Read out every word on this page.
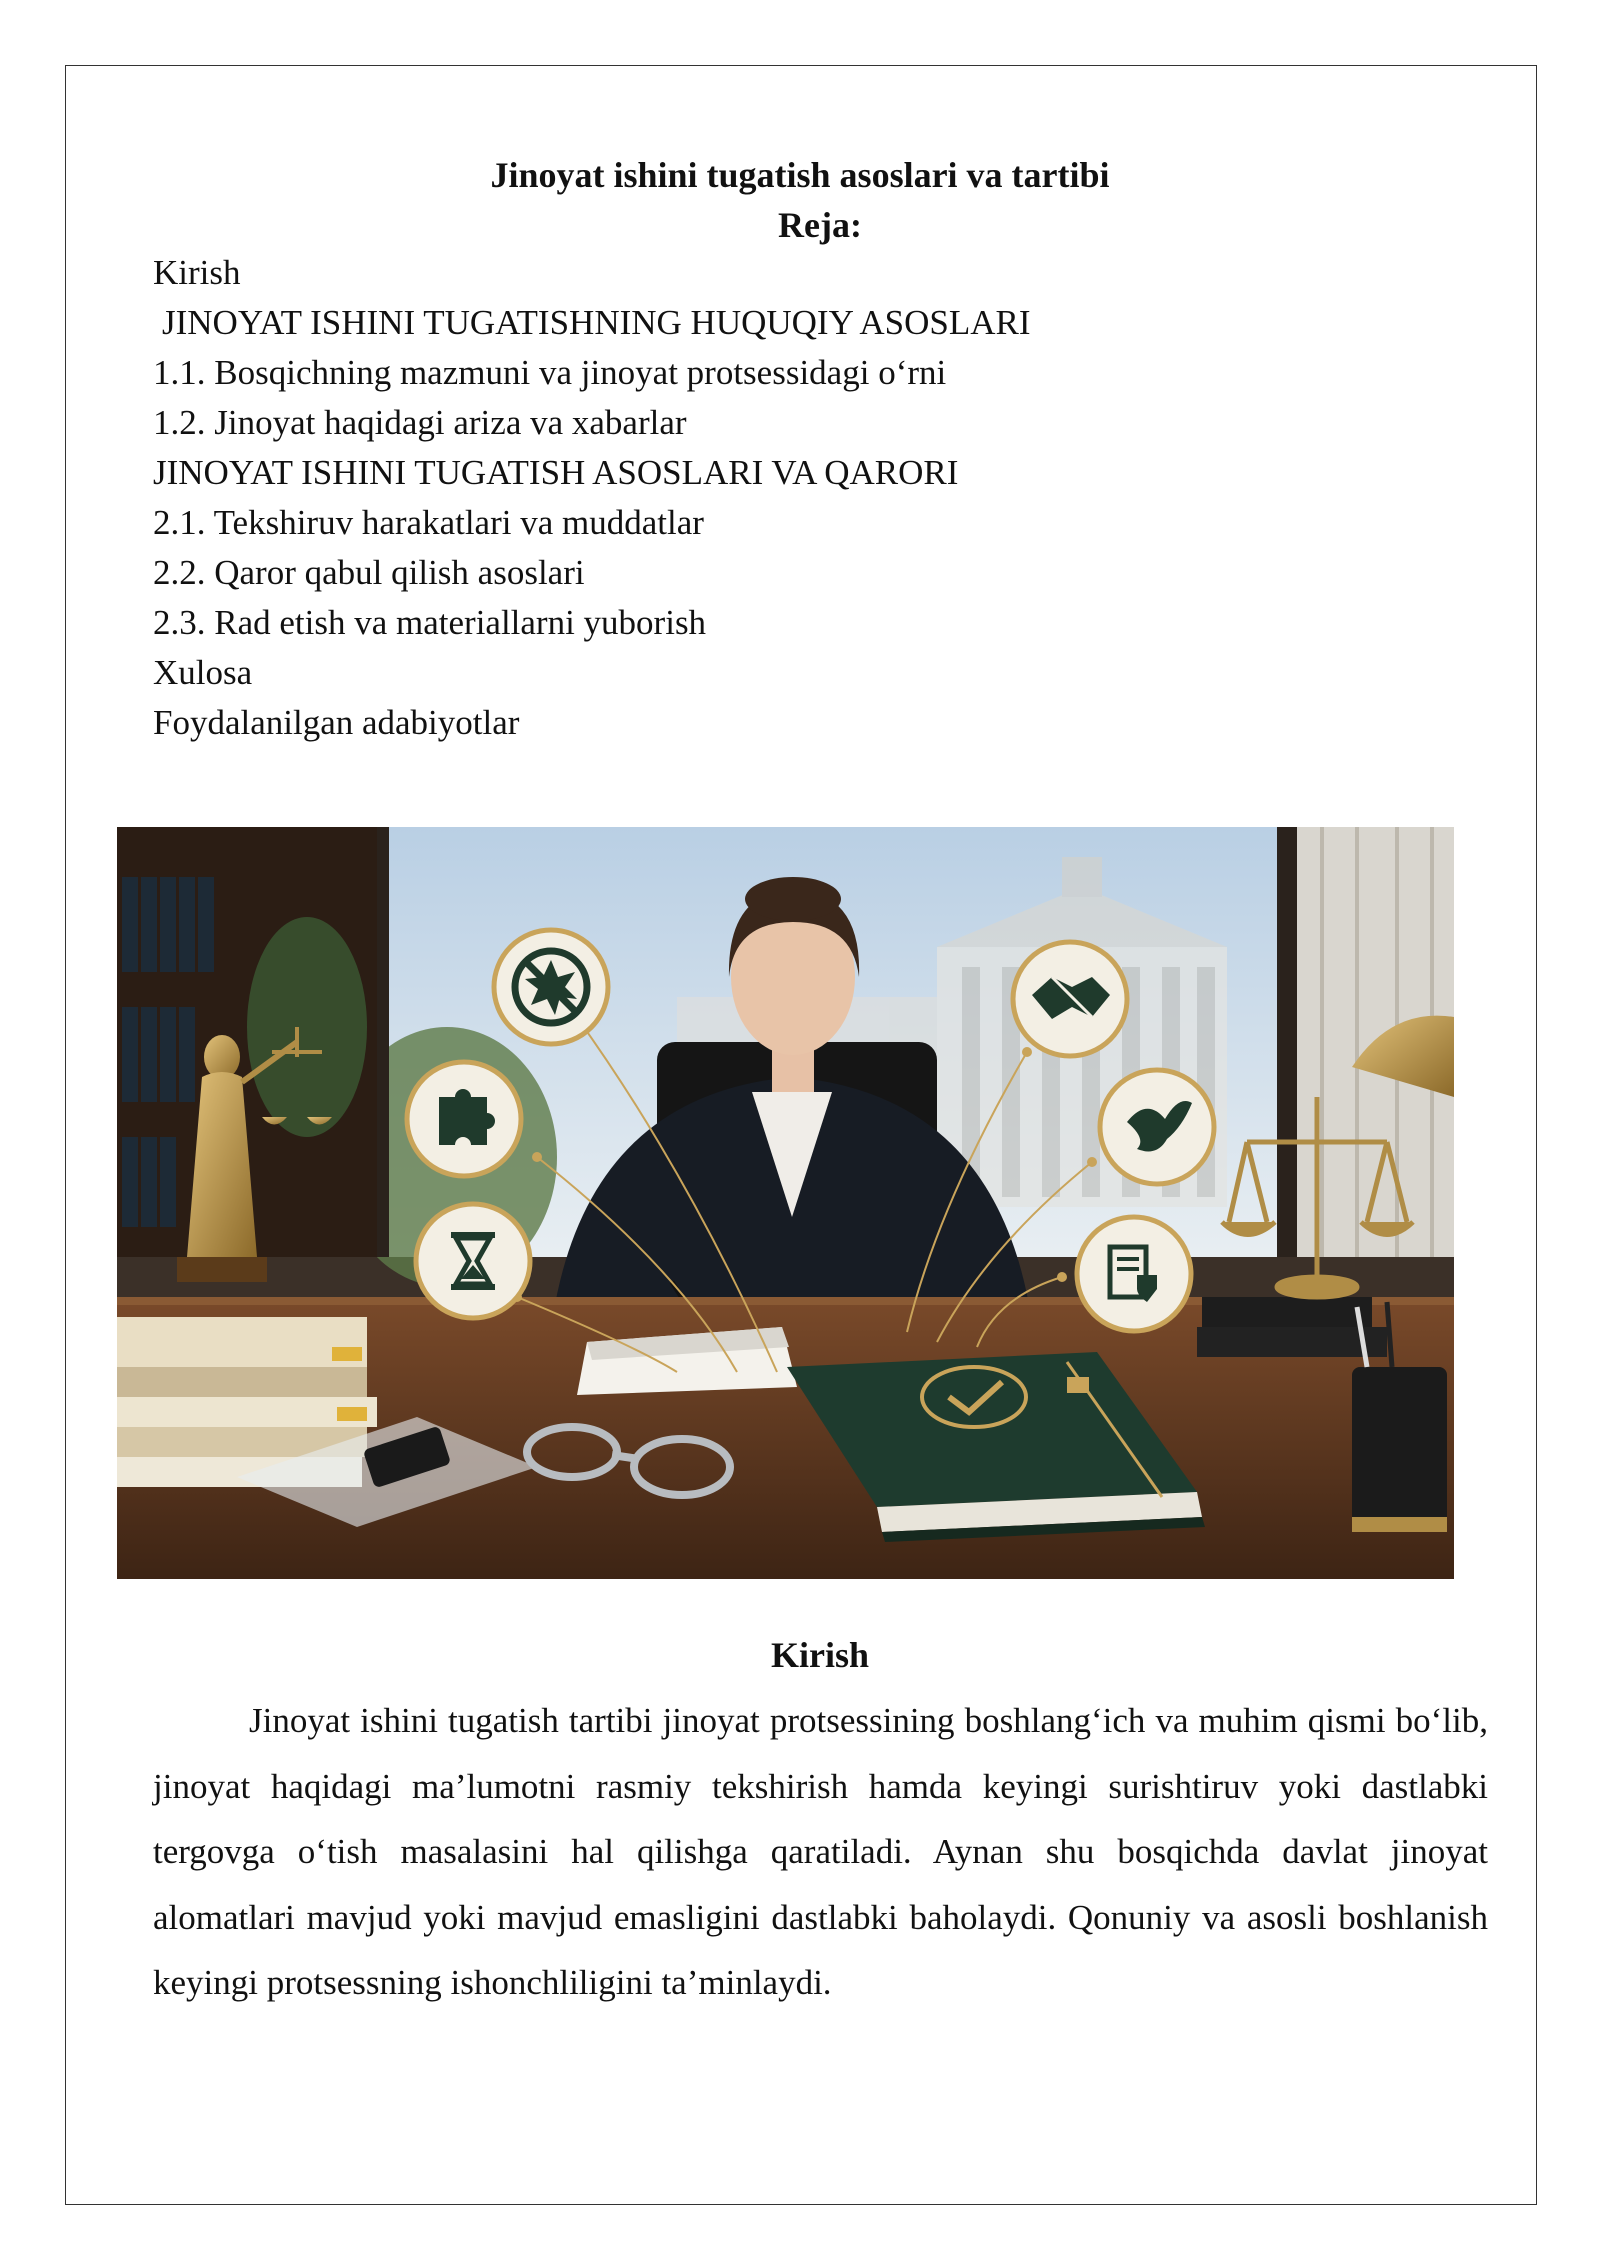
Jinoyat ishini tugatish asoslari va tartibi
Reja:
Kirish
JINOYAT ISHINI TUGATISHNING HUQUQIY ASOSLARI
1.1. Bosqichning mazmuni va jinoyat protsessidagi o‘rni
1.2. Jinoyat haqidagi ariza va xabarlar
JINOYAT ISHINI TUGATISH ASOSLARI VA QARORI
2.1. Tekshiruv harakatlari va muddatlar
2.2. Qaror qabul qilish asoslari
2.3. Rad etish va materiallarni yuborish
Xulosa
Foydalanilgan adabiyotlar
Kirish
Jinoyat ishini tugatish tartibi jinoyat protsessining boshlang‘ich va muhim qismi bo‘lib, jinoyat haqidagi ma’lumotni rasmiy tekshirish hamda keyingi surishtiruv yoki dastlabki tergovga o‘tish masalasini hal qilishga qaratiladi. Aynan shu bosqichda davlat jinoyat alomatlari mavjud yoki mavjud emasligini dastlabki baholaydi. Qonuniy va asosli boshlanish keyingi protsessning ishonchliligini ta’minlaydi.
